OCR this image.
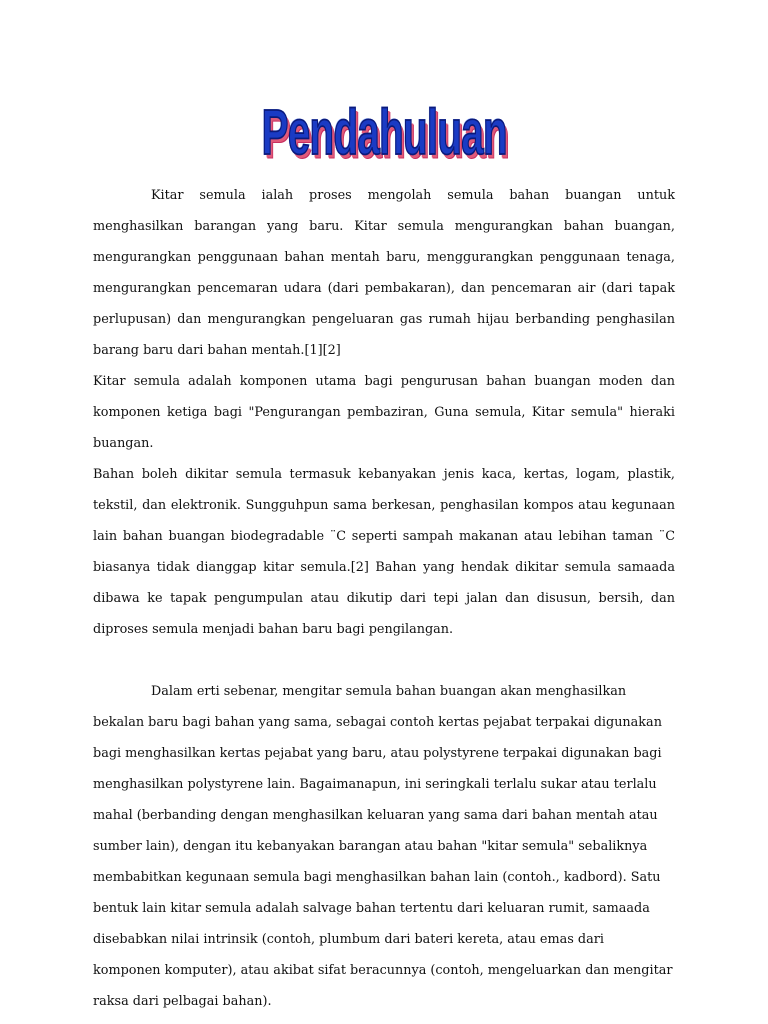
Pendahuluan

Kitar semula ialah proses mengolah semula bahan buangan untuk menghasilkan barangan yang baru. Kitar semula mengurangkan bahan buangan, mengurangkan penggunaan bahan mentah baru, menggurangkan penggunaan tenaga, mengurangkan pencemaran udara (dari pembakaran), dan pencemaran air (dari tapak perlupusan) dan mengurangkan pengeluaran gas rumah hijau berbanding penghasilan barang baru dari bahan mentah.[1][2]

Kitar semula adalah komponen utama bagi pengurusan bahan buangan moden dan komponen ketiga bagi "Pengurangan pembaziran, Guna semula, Kitar semula" hieraki buangan.

Bahan boleh dikitar semula termasuk kebanyakan jenis kaca, kertas, logam, plastik, tekstil, dan elektronik. Sungguhpun sama berkesan, penghasilan kompos atau kegunaan lain bahan buangan biodegradable ¨C seperti sampah makanan atau lebihan taman ¨C biasanya tidak dianggap kitar semula.[2] Bahan yang hendak dikitar semula samaada dibawa ke tapak pengumpulan atau dikutip dari tepi jalan dan disusun, bersih, dan diproses semula menjadi bahan baru bagi pengilangan.

Dalam erti sebenar, mengitar semula bahan buangan akan menghasilkan bekalan baru bagi bahan yang sama, sebagai contoh kertas pejabat terpakai digunakan bagi menghasilkan kertas pejabat yang baru, atau polystyrene terpakai digunakan bagi menghasilkan polystyrene lain. Bagaimanapun, ini seringkali terlalu sukar atau terlalu mahal (berbanding dengan menghasilkan keluaran yang sama dari bahan mentah atau sumber lain), dengan itu kebanyakan barangan atau bahan "kitar semula" sebaliknya membabitkan kegunaan semula bagi menghasilkan bahan lain (contoh., kadbord). Satu bentuk lain kitar semula adalah salvage bahan tertentu dari keluaran rumit, samaada disebabkan nilai intrinsik (contoh, plumbum dari bateri kereta, atau emas dari komponen komputer), atau akibat sifat beracunnya (contoh, mengeluarkan dan mengitar raksa dari pelbagai bahan).
